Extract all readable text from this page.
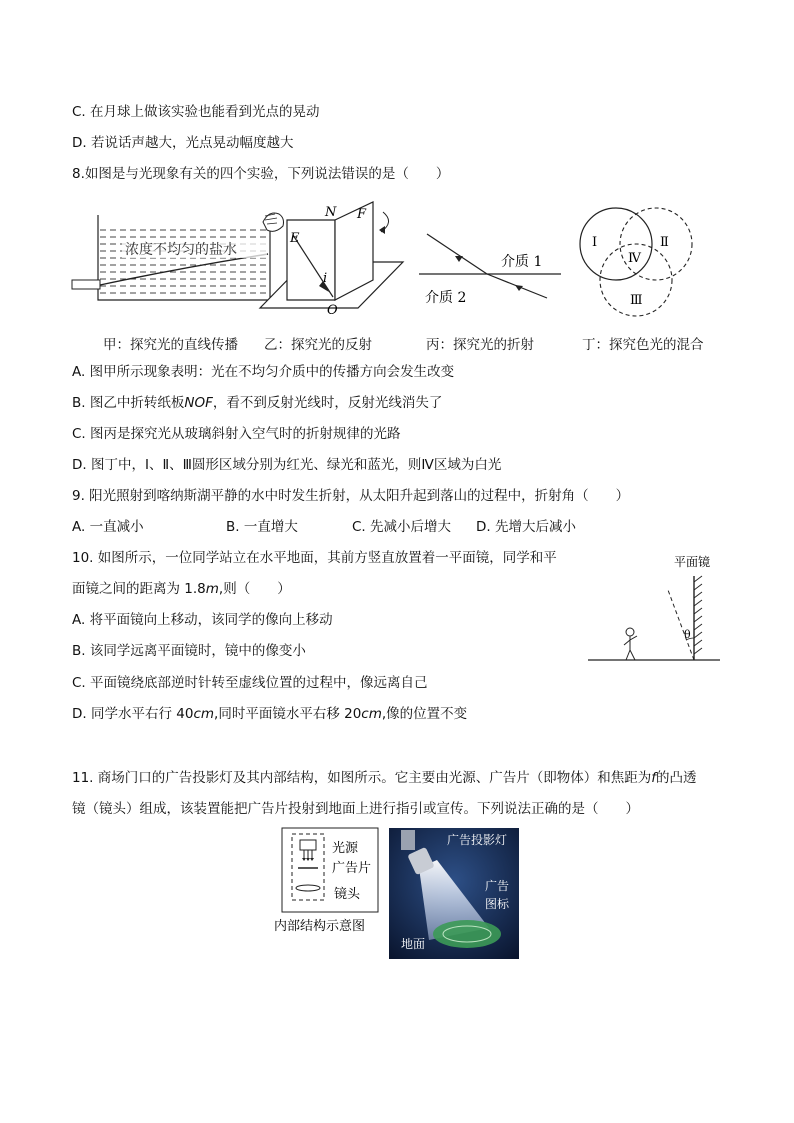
C. 在月球上做该实验也能看到光点的晃动
D. 若说话声越大，光点晃动幅度越大
8.如图是与光现象有关的四个实验，下列说法错误的是（　　）
浓度不均匀的盐水
甲：探究光的直线传播
N F
E
i
O
乙：探究光的反射
介质 1
介质 2
丙：探究光的折射
Ⅰ	Ⅱ
Ⅲ
Ⅳ
丁：探究色光的混合
A. 图甲所示现象表明：光在不均匀介质中的传播方向会发生改变
B. 图乙中折转纸板NOF，看不到反射光线时，反射光线消失了
C. 图丙是探究光从玻璃斜射入空气时的折射规律的光路
D. 图丁中，Ⅰ、Ⅱ、Ⅲ圆形区域分别为红光、绿光和蓝光，则Ⅳ区域为白光
9. 阳光照射到喀纳斯湖平静的水中时发生折射，从太阳升起到落山的过程中，折射角（　　）
A. 一直减小	B. 一直增大	C. 先减小后增大 D. 先增大后减小
10. 如图所示，一位同学站立在水平地面，其前方竖直放置着一平面镜，同学和平
面镜之间的距离为 1.8m,则（　　）
A. 将平面镜向上移动，该同学的像向上移动
B. 该同学远离平面镜时，镜中的像变小
C. 平面镜绕底部逆时针转至虚线位置的过程中，像远离自己
D. 同学水平右行 40cm,同时平面镜水平右移 20cm,像的位置不变
平面镜
θ
11. 商场门口的广告投影灯及其内部结构，如图所示。它主要由光源、广告片（即物体）和焦距为f的凸透
镜（镜头）组成，该装置能把广告片投射到地面上进行指引或宣传。下列说法正确的是（　　）
光源
广告片
镜头
内部结构示意图
广告投影灯
广告
图标
地面
